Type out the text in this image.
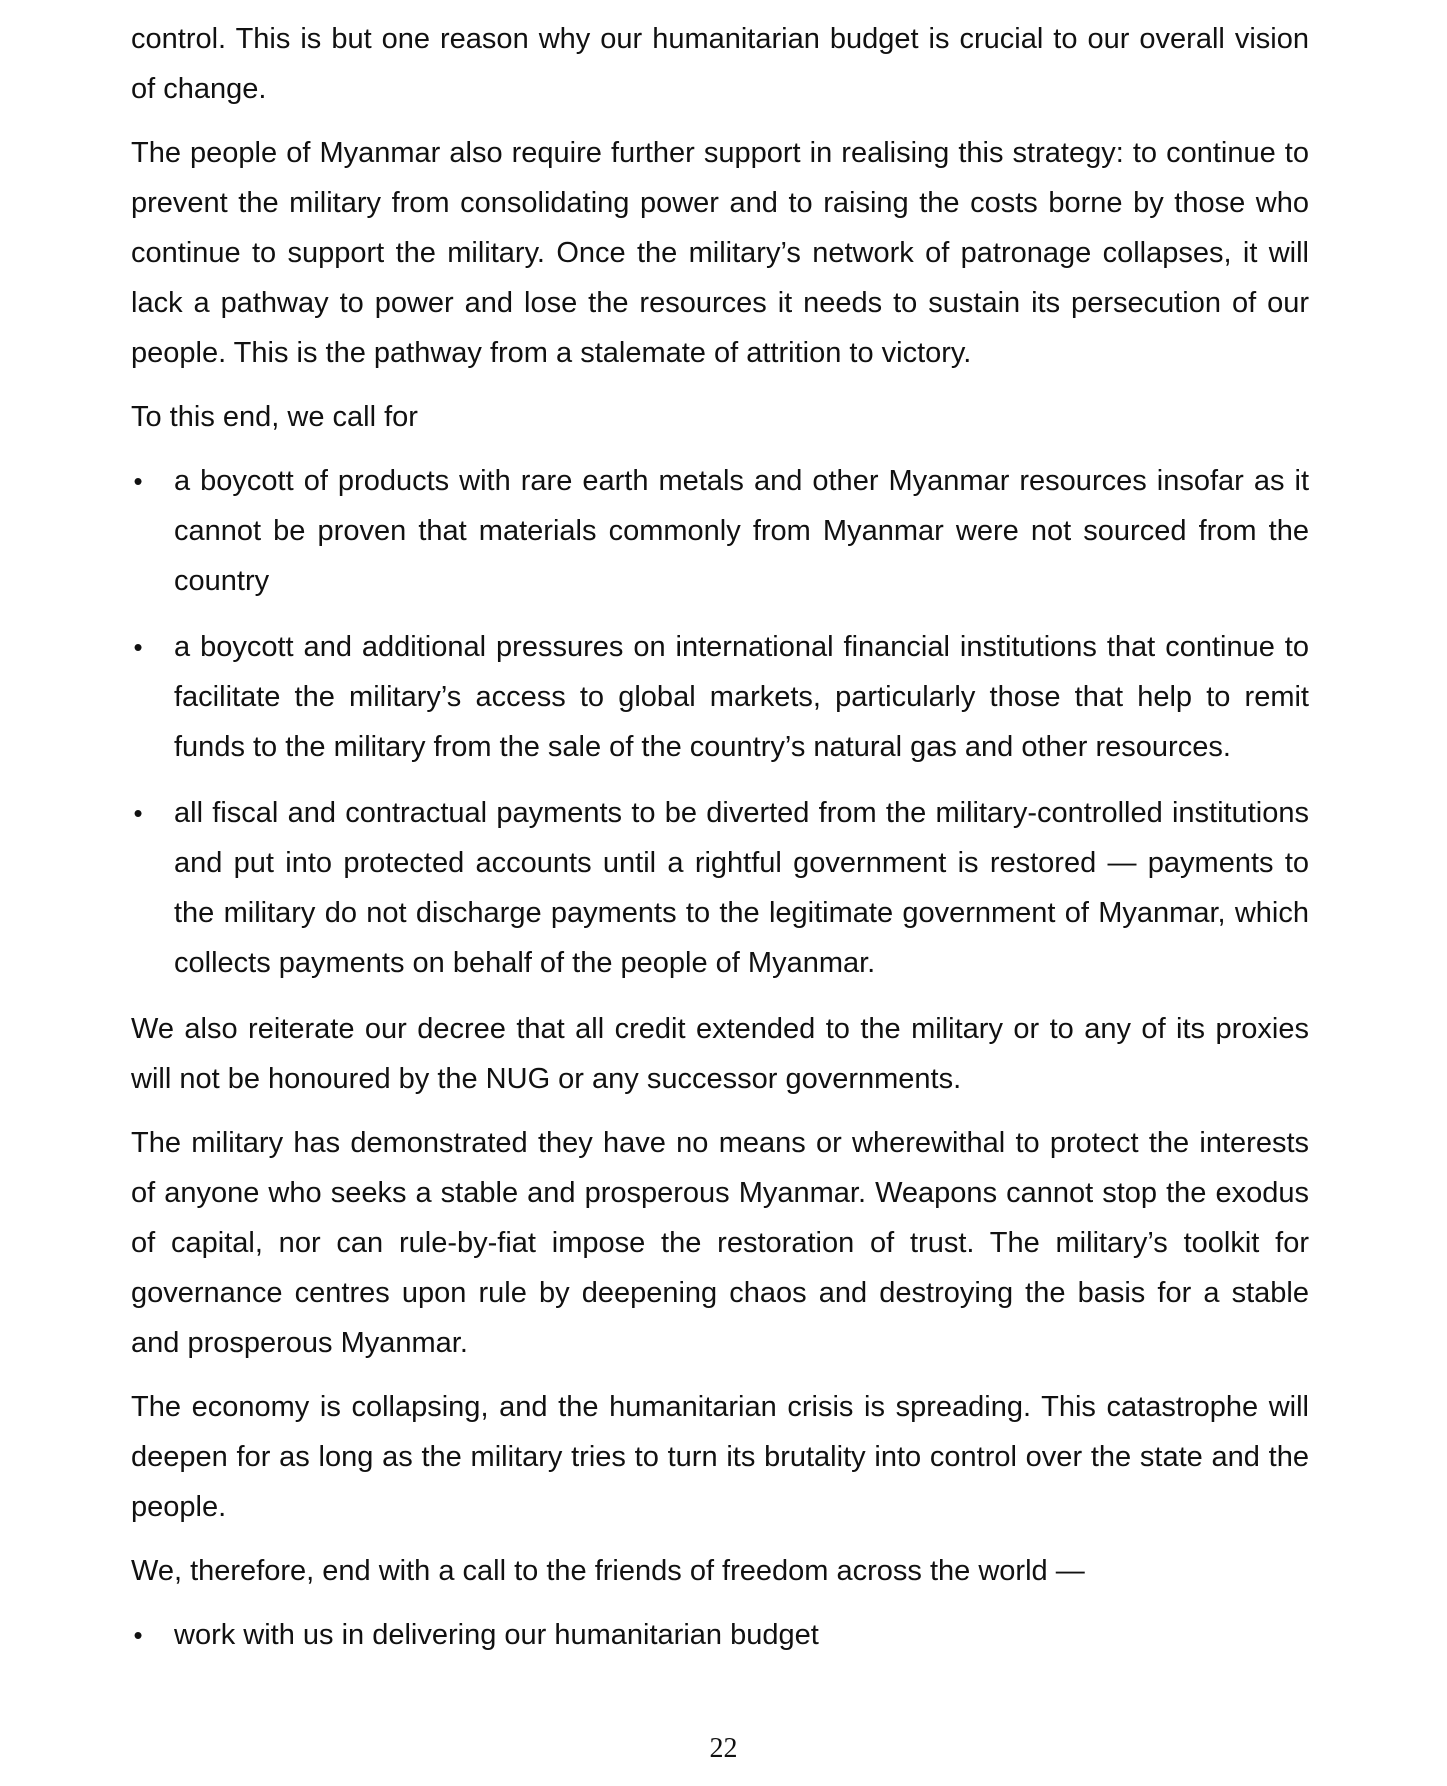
control. This is but one reason why our humanitarian budget is crucial to our overall vision of change.

The people of Myanmar also require further support in realising this strategy: to continue to prevent the military from consolidating power and to raising the costs borne by those who continue to support the military. Once the military’s network of patronage collapses, it will lack a pathway to power and lose the resources it needs to sustain its persecution of our people. This is the pathway from a stalemate of attrition to victory.

To this end, we call for

• a boycott of products with rare earth metals and other Myanmar resources insofar as it cannot be proven that materials commonly from Myanmar were not sourced from the country
• a boycott and additional pressures on international financial institutions that continue to facilitate the military’s access to global markets, particularly those that help to remit funds to the military from the sale of the country’s natural gas and other resources.
• all fiscal and contractual payments to be diverted from the military-controlled institutions and put into protected accounts until a rightful government is restored — payments to the military do not discharge payments to the legitimate government of Myanmar, which collects payments on behalf of the people of Myanmar.

We also reiterate our decree that all credit extended to the military or to any of its proxies will not be honoured by the NUG or any successor governments.

The military has demonstrated they have no means or wherewithal to protect the interests of anyone who seeks a stable and prosperous Myanmar. Weapons cannot stop the exodus of capital, nor can rule-by-fiat impose the restoration of trust. The military’s toolkit for governance centres upon rule by deepening chaos and destroying the basis for a stable and prosperous Myanmar.

The economy is collapsing, and the humanitarian crisis is spreading. This catastrophe will deepen for as long as the military tries to turn its brutality into control over the state and the people.

We, therefore, end with a call to the friends of freedom across the world —

• work with us in delivering our humanitarian budget
22
